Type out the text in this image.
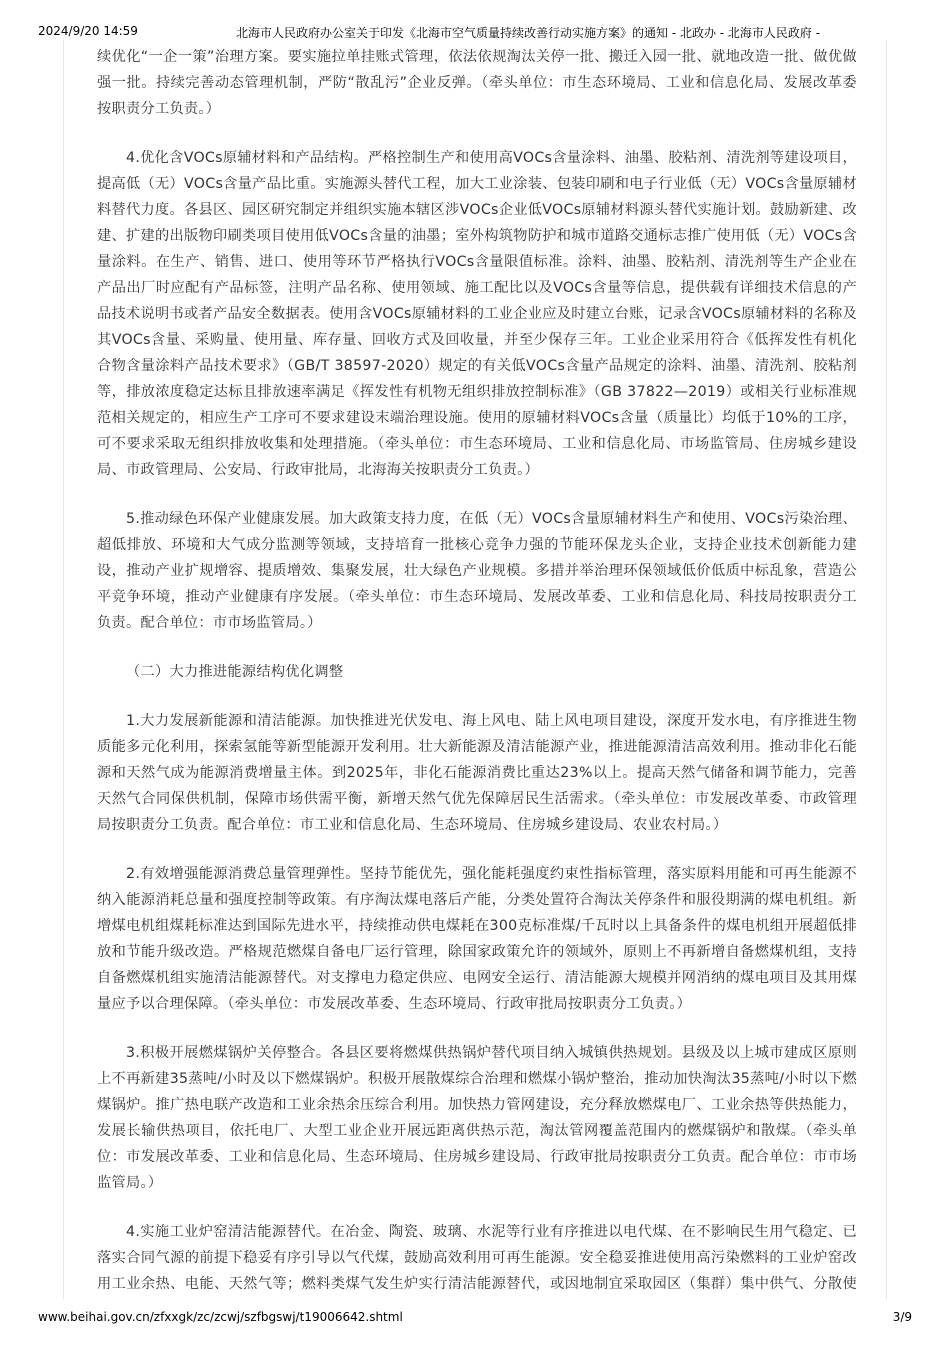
2024/9/20 14:59	北海市人民政府办公室关于印发《北海市空气质量持续改善行动实施方案》的通知 - 北政办 - 北海市人民政府 -

续优化“一企一策”治理方案。要实施拉单挂账式管理，依法依规淘汰关停一批、搬迁入园一批、就地改造一批、做优做强一批。持续完善动态管理机制，严防“散乱污”企业反弹。（牵头单位：市生态环境局、工业和信息化局、发展改革委按职责分工负责。）

4.优化含VOCs原辅材料和产品结构。严格控制生产和使用高VOCs含量涂料、油墨、胶粘剂、清洗剂等建设项目，提高低（无）VOCs含量产品比重。实施源头替代工程，加大工业涂装、包装印刷和电子行业低（无）VOCs含量原辅材料替代力度。各县区、园区研究制定并组织实施本辖区涉VOCs企业低VOCs原辅材料源头替代实施计划。鼓励新建、改建、扩建的出版物印刷类项目使用低VOCs含量的油墨；室外构筑物防护和城市道路交通标志推广使用低（无）VOCs含量涂料。在生产、销售、进口、使用等环节严格执行VOCs含量限值标准。涂料、油墨、胶粘剂、清洗剂等生产企业在产品出厂时应配有产品标签，注明产品名称、使用领域、施工配比以及VOCs含量等信息，提供载有详细技术信息的产品技术说明书或者产品安全数据表。使用含VOCs原辅材料的工业企业应及时建立台账，记录含VOCs原辅材料的名称及其VOCs含量、采购量、使用量、库存量、回收方式及回收量，并至少保存三年。工业企业采用符合《低挥发性有机化合物含量涂料产品技术要求》（GB/T 38597-2020）规定的有关低VOCs含量产品规定的涂料、油墨、清洗剂、胶粘剂等，排放浓度稳定达标且排放速率满足《挥发性有机物无组织排放控制标准》（GB 37822—2019）或相关行业标准规范相关规定的，相应生产工序可不要求建设末端治理设施。使用的原辅材料VOCs含量（质量比）均低于10%的工序，可不要求采取无组织排放收集和处理措施。（牵头单位：市生态环境局、工业和信息化局、市场监管局、住房城乡建设局、市政管理局、公安局、行政审批局，北海海关按职责分工负责。）

5.推动绿色环保产业健康发展。加大政策支持力度，在低（无）VOCs含量原辅材料生产和使用、VOCs污染治理、超低排放、环境和大气成分监测等领域，支持培育一批核心竞争力强的节能环保龙头企业，支持企业技术创新能力建设，推动产业扩规增容、提质增效、集聚发展，壮大绿色产业规模。多措并举治理环保领域低价低质中标乱象，营造公平竞争环境，推动产业健康有序发展。（牵头单位：市生态环境局、发展改革委、工业和信息化局、科技局按职责分工负责。配合单位：市市场监管局。）

（二）大力推进能源结构优化调整

1.大力发展新能源和清洁能源。加快推进光伏发电、海上风电、陆上风电项目建设，深度开发水电，有序推进生物质能多元化利用，探索氢能等新型能源开发利用。壮大新能源及清洁能源产业，推进能源清洁高效利用。推动非化石能源和天然气成为能源消费增量主体。到2025年，非化石能源消费比重达23%以上。提高天然气储备和调节能力，完善天然气合同保供机制，保障市场供需平衡，新增天然气优先保障居民生活需求。（牵头单位：市发展改革委、市政管理局按职责分工负责。配合单位：市工业和信息化局、生态环境局、住房城乡建设局、农业农村局。）

2.有效增强能源消费总量管理弹性。坚持节能优先，强化能耗强度约束性指标管理，落实原料用能和可再生能源不纳入能源消耗总量和强度控制等政策。有序淘汰煤电落后产能，分类处置符合淘汰关停条件和服役期满的煤电机组。新增煤电机组煤耗标准达到国际先进水平，持续推动供电煤耗在300克标准煤/千瓦时以上具备条件的煤电机组开展超低排放和节能升级改造。严格规范燃煤自备电厂运行管理，除国家政策允许的领域外，原则上不再新增自备燃煤机组，支持自备燃煤机组实施清洁能源替代。对支撑电力稳定供应、电网安全运行、清洁能源大规模并网消纳的煤电项目及其用煤量应予以合理保障。（牵头单位：市发展改革委、生态环境局、行政审批局按职责分工负责。）

3.积极开展燃煤锅炉关停整合。各县区要将燃煤供热锅炉替代项目纳入城镇供热规划。县级及以上城市建成区原则上不再新建35蒸吨/小时及以下燃煤锅炉。积极开展散煤综合治理和燃煤小锅炉整治，推动加快淘汰35蒸吨/小时以下燃煤锅炉。推广热电联产改造和工业余热余压综合利用。加快热力管网建设，充分释放燃煤电厂、工业余热等供热能力，发展长输供热项目，依托电厂、大型工业企业开展远距离供热示范，淘汰管网覆盖范围内的燃煤锅炉和散煤。（牵头单位：市发展改革委、工业和信息化局、生态环境局、住房城乡建设局、行政审批局按职责分工负责。配合单位：市市场监管局。）

4.实施工业炉窑清洁能源替代。在冶金、陶瓷、玻璃、水泥等行业有序推进以电代煤、在不影响民生用气稳定、已落实合同气源的前提下稳妥有序引导以气代煤，鼓励高效利用可再生能源。安全稳妥推进使用高污染燃料的工业炉窑改用工业余热、电能、天然气等；燃料类煤气发生炉实行清洁能源替代，或因地制宜采取园区（集群）集中供气、分散使

www.beihai.gov.cn/zfxxgk/zc/zcwj/szfbgswj/t19006642.shtml	3/9
